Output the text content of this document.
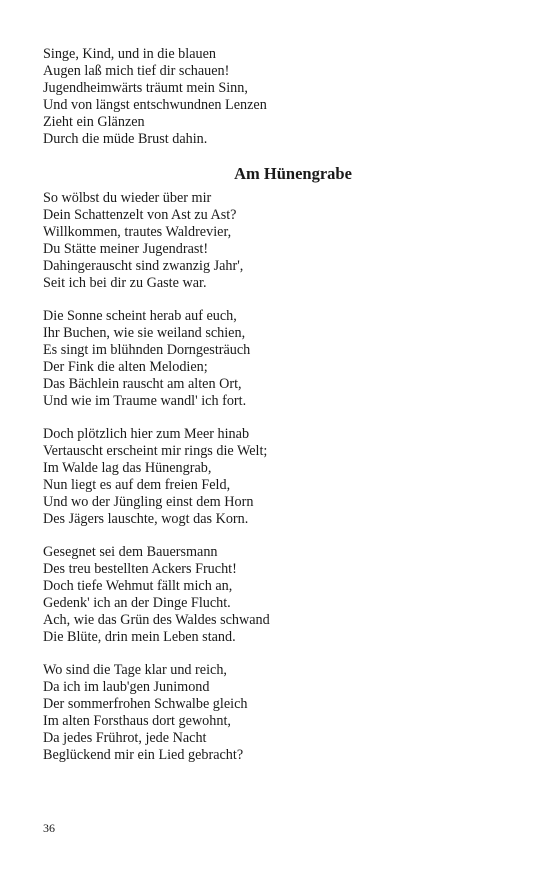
Singe, Kind, und in die blauen
Augen laß mich tief dir schauen!
Jugendheimwärts träumt mein Sinn,
Und von längst entschwundnen Lenzen
Zieht ein Glänzen
Durch die müde Brust dahin.
Am Hünengrabe
So wölbst du wieder über mir
Dein Schattenzelt von Ast zu Ast?
Willkommen, trautes Waldrevier,
Du Stätte meiner Jugendrast!
Dahingerauscht sind zwanzig Jahr',
Seit ich bei dir zu Gaste war.
Die Sonne scheint herab auf euch,
Ihr Buchen, wie sie weiland schien,
Es singt im blühnden Dorngesträuch
Der Fink die alten Melodien;
Das Bächlein rauscht am alten Ort,
Und wie im Traume wandl' ich fort.
Doch plötzlich hier zum Meer hinab
Vertauscht erscheint mir rings die Welt;
Im Walde lag das Hünengrab,
Nun liegt es auf dem freien Feld,
Und wo der Jüngling einst dem Horn
Des Jägers lauschte, wogt das Korn.
Gesegnet sei dem Bauersmann
Des treu bestellten Ackers Frucht!
Doch tiefe Wehmut fällt mich an,
Gedenk' ich an der Dinge Flucht.
Ach, wie das Grün des Waldes schwand
Die Blüte, drin mein Leben stand.
Wo sind die Tage klar und reich,
Da ich im laub'gen Junimond
Der sommerfrohen Schwalbe gleich
Im alten Forsthaus dort gewohnt,
Da jedes Frührot, jede Nacht
Beglückend mir ein Lied gebracht?
36
